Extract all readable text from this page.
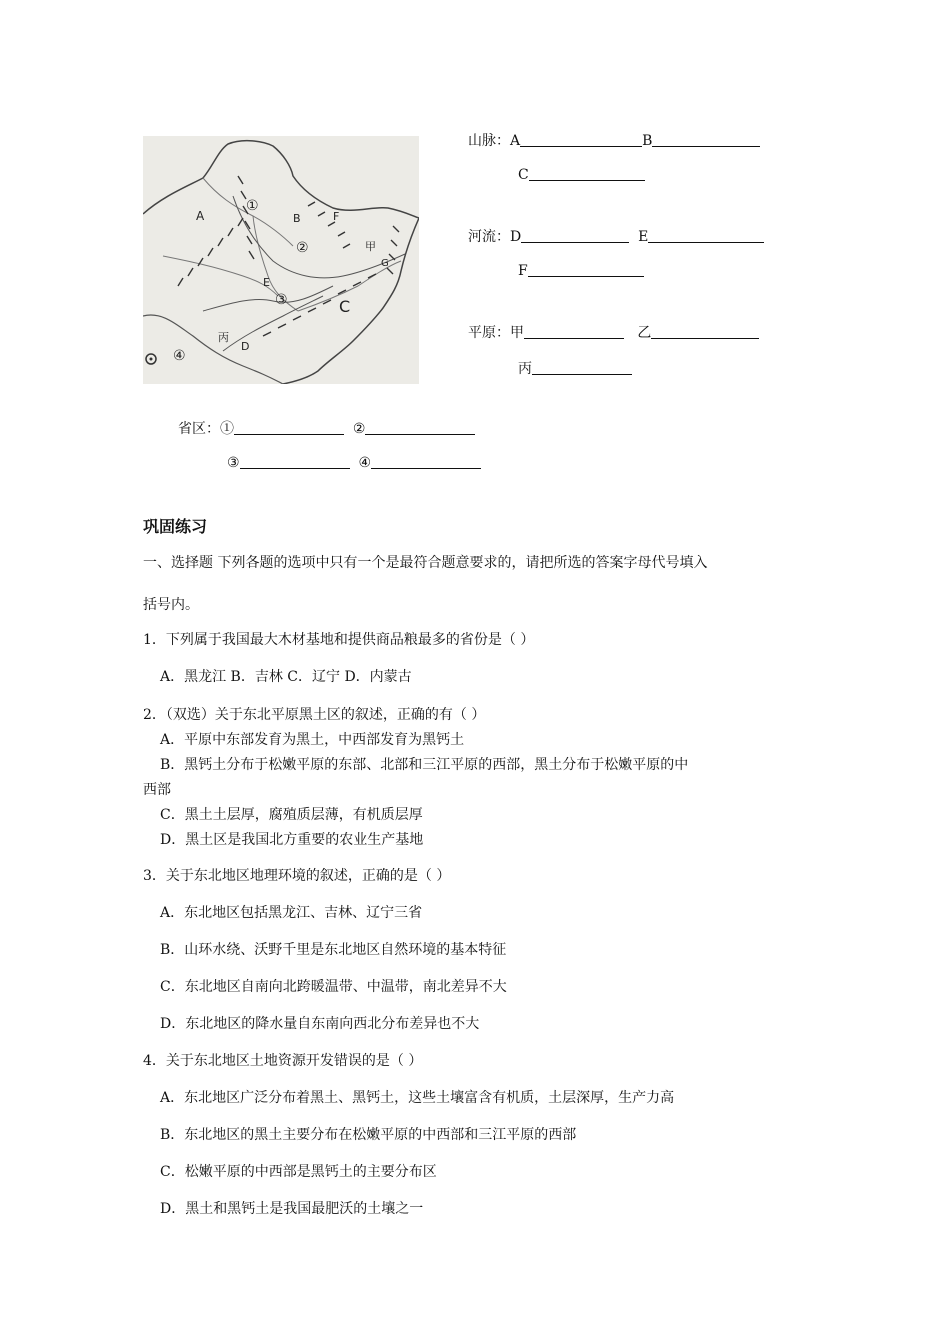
A	B
C
D
E
F
甲
丙
G
①
②
③
④
山脉：A	B
C
河流：D	E
F
平原：甲	乙
丙
省区：①	②
③	④
巩固练习
一、选择题 下列各题的选项中只有一个是最符合题意要求的，请把所选的答案字母代号填入
括号内。
1．下列属于我国最大木材基地和提供商品粮最多的省份是（ ）
A．黑龙江 B．吉林 C．辽宁 D．内蒙古
2．（双选）关于东北平原黑土区的叙述，正确的有（ ）
A．平原中东部发育为黑土，中西部发育为黑钙土
B．黑钙土分布于松嫩平原的东部、北部和三江平原的西部，黑土分布于松嫩平原的中
西部
C．黑土土层厚，腐殖质层薄，有机质层厚
D．黑土区是我国北方重要的农业生产基地
3．关于东北地区地理环境的叙述，正确的是（ ）
A．东北地区包括黑龙江、吉林、辽宁三省
B．山环水绕、沃野千里是东北地区自然环境的基本特征
C．东北地区自南向北跨暖温带、中温带，南北差异不大
D．东北地区的降水量自东南向西北分布差异也不大
4．关于东北地区土地资源开发错误的是（ ）
A．东北地区广泛分布着黑土、黑钙土，这些土壤富含有机质，土层深厚，生产力高
B．东北地区的黑土主要分布在松嫩平原的中西部和三江平原的西部
C．松嫩平原的中西部是黑钙土的主要分布区
D．黑土和黑钙土是我国最肥沃的土壤之一
